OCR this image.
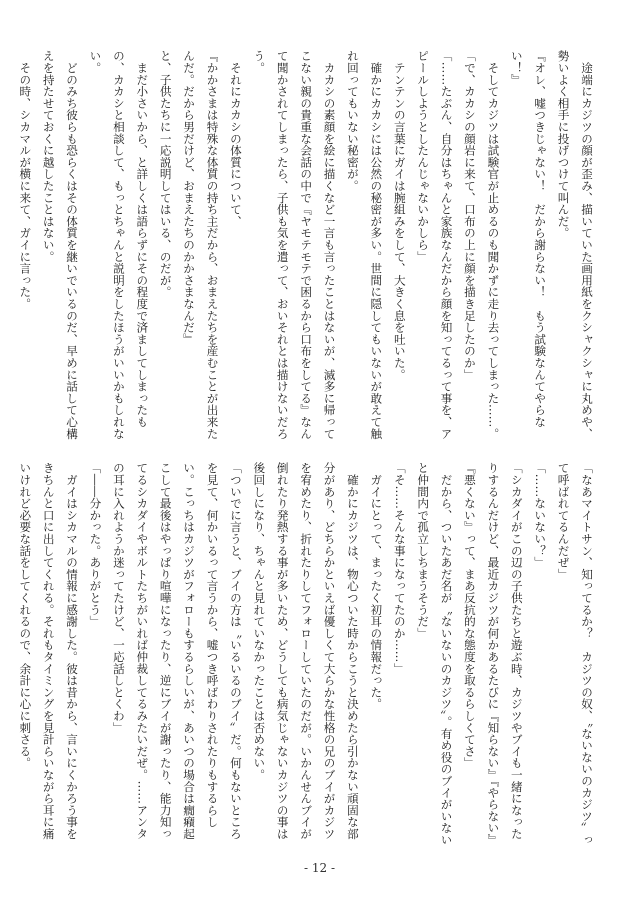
　途端にカジツの顔が歪み、描いていた画用紙をクシャクシャに丸めや、勢いよく相手に投げつけて叫んだ。

『オレ、嘘つきじゃない！　だから謝らない！　もう試験なんてやらない！』

　そしてカジツは試験官が止めるのも聞かずに走り去ってしまった……。

「で、カカシの顔岩に来て、口布の上に顔を描き足したのか」

「……たぶん、自分はちゃんと家族なんだから顔を知ってるって事を、アピールしようとしたんじゃないかしら」

　テンテンの言葉にガイは腕組みをして、大きく息を吐いた。

　確かにカカシには公然の秘密が多い。世間に隠してもいないが敢えて触れ回ってもいない秘密が。

　カカシの素顔を絵に描くなど一言も言ったことはないが、滅多に帰ってこない親の貴重な会話の中で『ヤモテモテで困るから口布をしてる』なんて聞かされてしまったら、子供も気を遣って、おいそれとは描けないだろう。

　それにカカシの体質について、

『かかさまは特殊な体質の持ち主だから、おまえたちを産むことが出来たんだ。だから男だけど、おまえたちのかかさまなんだ』

と、子供たちに一応説明してはいる、のだが。

　まだ小さいから、と詳しくは語らずにその程度で済ましてしまったもの、カカシと相談して、もっとちゃんと説明をしたほうがいいかもしれない。

　どのみち彼らも恐らくはその体質を継いでいるのだ、早めに話して心構えを持たせておくに越したことはない。

　その時、シカマルが横に来て、ガイに言った。

「なあマイトサン、知ってるか？　カジツの奴、〝ないないのカジツ〟って呼ばれてるんだぜ」

「……ないない？」

「シカダイがこの辺の子供たちと遊ぶ時、カジツやブイも一緒になったりするんだけど、最近カジツが何かあるたびに『知らない』『やらない』『悪くない』って、まあ反抗的な態度を取るらしくてさ」

　だから、ついたあだ名が〝ないないのカジツ〟。有め役のブイがいないと仲間内で孤立しちまうそうだ」

「そ……そんな事になってたのか……」

　ガイにとって、まったく初耳の情報だった。

　確かにカジツは、物心ついた時からこうと決めたら引かない頑固な部分があり、どちらかといえば優しくて大らかな性格の兄のブイがカジツを宥めたり、折れたりしてフォローしていたのだが。いかんせんブイが倒れたり発熱する事が多いため、どうしても病気じゃないカジツの事は後回しになり、ちゃんと見れていなかったことは否めない。

「ついでに言うと、ブイの方は〝いるいるのブイ〟だ。何もないところを見て、何かいるって言うから、嘘つき呼ばわりされたりもするらしい。こっちはカジツがフォローもするらしいが、あいつの場合は癇癪起こして最後はやっぱり喧嘩になったり、逆にブイが謝ったり、能力知ってるシカダイやボルトたちがいれば仲裁してるみたいだぜ。……アンタの耳に入れようか迷ってたけど、一応話しとくわ」

「――分かった。ありがとう」

　ガイはシカマルの情報に感謝した。彼は昔から、言いにくかろう事をきちんと口に出してくれる。それもタイミングを見計らいながら耳に痛いけれど必要な話をしてくれるので、余計に心に刺さる。

- 12 -
